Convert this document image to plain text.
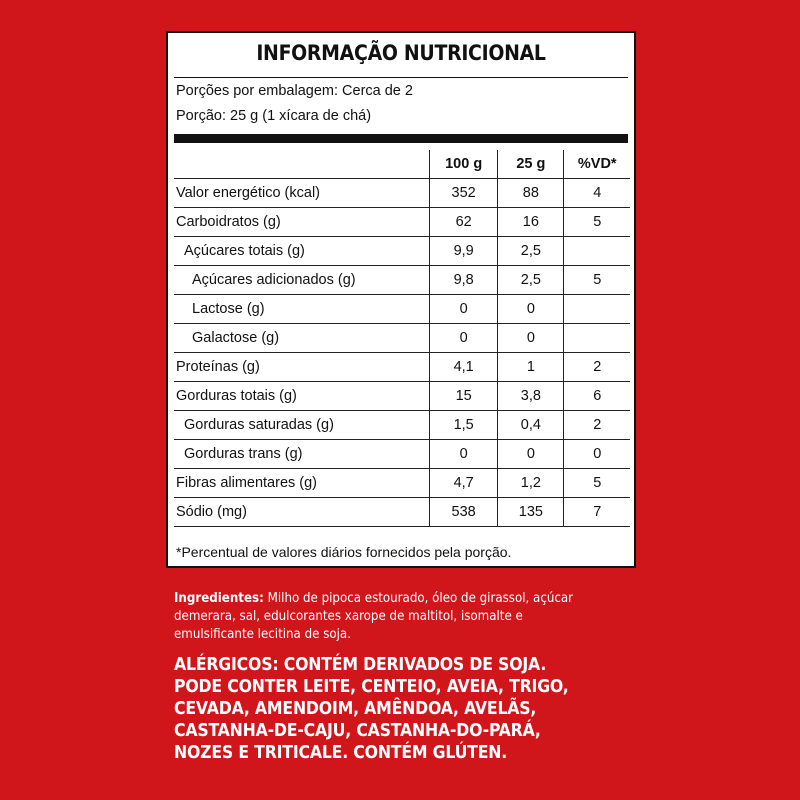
INFORMAÇÃO NUTRICIONAL
Porções por embalagem: Cerca de 2
Porção: 25 g (1 xícara de chá)
	100 g	25 g	%VD*
Valor energético (kcal)	352	88	4
Carboidratos (g)	62	16	5
Açúcares totais (g)	9,9	2,5	
Açúcares adicionados (g)	9,8	2,5	5
Lactose (g)	0	0	
Galactose (g)	0	0	
Proteínas (g)	4,1	1	2
Gorduras totais (g)	15	3,8	6
Gorduras saturadas (g)	1,5	0,4	2
Gorduras trans (g)	0	0	0
Fibras alimentares (g)	4,7	1,2	5
Sódio (mg)	538	135	7
*Percentual de valores diários fornecidos pela porção.
Ingredientes: Milho de pipoca estourado, óleo de girassol, açúcar demerara, sal, edulcorantes xarope de maltitol, isomalte e emulsificante lecitina de soja.
ALÉRGICOS: CONTÉM DERIVADOS DE SOJA. PODE CONTER LEITE, CENTEIO, AVEIA, TRIGO, CEVADA, AMENDOIM, AMÊNDOA, AVELÃS, CASTANHA-DE-CAJU, CASTANHA-DO-PARÁ, NOZES E TRITICALE. CONTÉM GLÚTEN.
